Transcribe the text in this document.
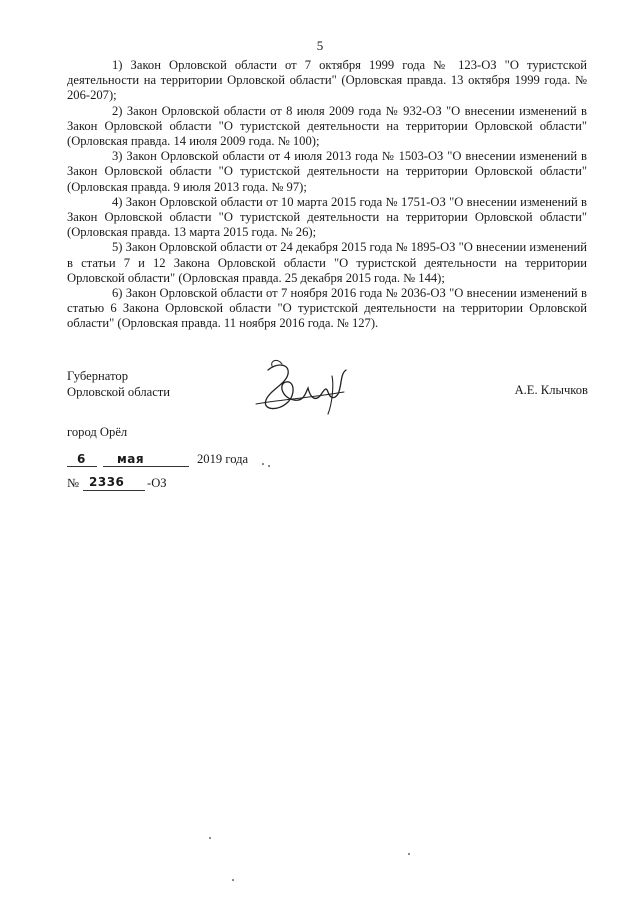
5

1) Закон Орловской области от 7 октября 1999 года № 123-ОЗ "О туристской деятельности на территории Орловской области" (Орловская правда. 13 октября 1999 года. № 206-207);

2) Закон Орловской области от 8 июля 2009 года № 932-ОЗ "О внесении изменений в Закон Орловской области "О туристской деятельности на территории Орловской области" (Орловская правда. 14 июля 2009 года. № 100);

3) Закон Орловской области от 4 июля 2013 года № 1503-ОЗ "О внесении изменений в Закон Орловской области "О туристской деятельности на территории Орловской области" (Орловская правда. 9 июля 2013 года. № 97);

4) Закон Орловской области от 10 марта 2015 года № 1751-ОЗ "О внесении изменений в Закон Орловской области "О туристской деятельности на территории Орловской области" (Орловская правда. 13 марта 2015 года. № 26);

5) Закон Орловской области от 24 декабря 2015 года № 1895-ОЗ "О внесении изменений в статьи 7 и 12 Закона Орловской области "О туристской деятельности на территории Орловской области" (Орловская правда. 25 декабря 2015 года. № 144);

6) Закон Орловской области от 7 ноября 2016 года № 2036-ОЗ "О внесении изменений в статью 6 Закона Орловской области "О туристской деятельности на территории Орловской области" (Орловская правда. 11 ноября 2016 года. № 127).

Губернатор
Орловской области	А.Е. Клычков
город Орёл
6	мая	2019 года
№ 2336 -ОЗ
